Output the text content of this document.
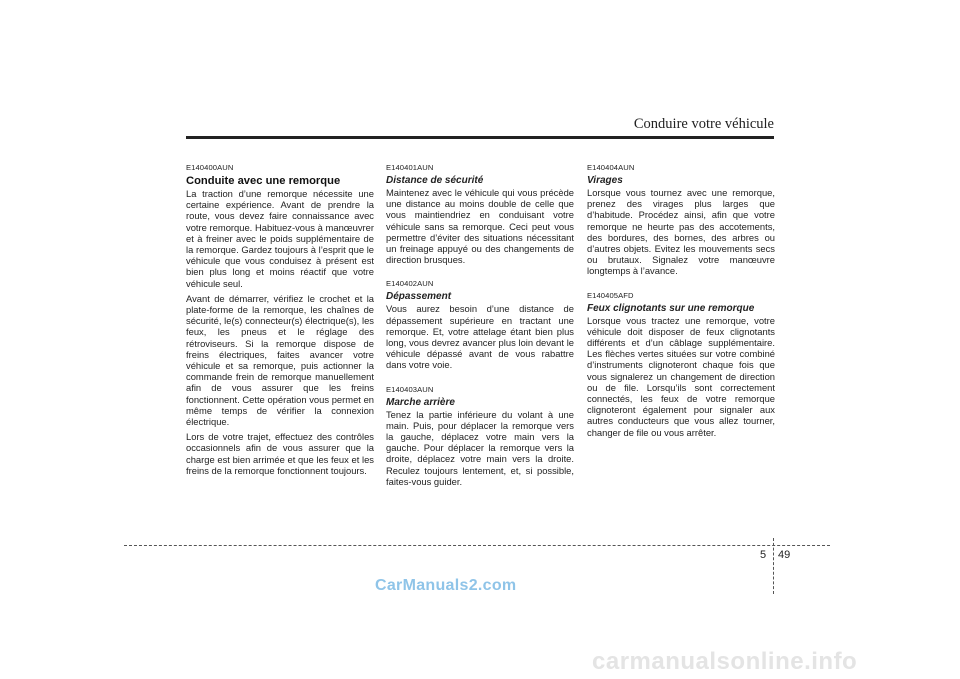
Conduire votre véhicule
E140400AUN
Conduite avec une remorque

La traction d’une remorque nécessite une certaine expérience. Avant de prendre la route, vous devez faire connaissance avec votre remorque. Habituez-vous à manœuvrer et à freiner avec le poids supplémentaire de la remorque. Gardez toujours à l’esprit que le véhicule que vous conduisez à présent est bien plus long et moins réactif que votre véhicule seul.

Avant de démarrer, vérifiez le crochet et la plate-forme de la remorque, les chaînes de sécurité, le(s) connecteur(s) électrique(s), les feux, les pneus et le réglage des rétroviseurs. Si la remorque dispose de freins électriques, faites avancer votre véhicule et sa remorque, puis actionner la commande frein de remorque manuellement afin de vous assurer que les freins fonctionnent. Cette opération vous permet en même temps de vérifier la connexion électrique.

Lors de votre trajet, effectuez des contrôles occasionnels afin de vous assurer que la charge est bien arrimée et que les feux et les freins de la remorque fonctionnent toujours.

E140401AUN
Distance de sécurité

Maintenez avec le véhicule qui vous précède une distance au moins double de celle que vous maintiendriez en conduisant votre véhicule sans sa remorque. Ceci peut vous permettre d’éviter des situations nécessitant un freinage appuyé ou des changements de direction brusques.

E140402AUN
Dépassement

Vous aurez besoin d’une distance de dépassement supérieure en tractant une remorque. Et, votre attelage étant bien plus long, vous devrez avancer plus loin devant le véhicule dépassé avant de vous rabattre dans votre voie.

E140403AUN
Marche arrière

Tenez la partie inférieure du volant à une main. Puis, pour déplacer la remorque vers la gauche, déplacez votre main vers la gauche. Pour déplacer la remorque vers la droite, déplacez votre main vers la droite. Reculez toujours lentement, et, si possible, faites-vous guider.

E140404AUN
Virages

Lorsque vous tournez avec une remorque, prenez des virages plus larges que d’habitude. Procédez ainsi, afin que votre remorque ne heurte pas des accotements, des bordures, des bornes, des arbres ou d’autres objets. Evitez les mouvements secs ou brutaux. Signalez votre manœuvre longtemps à l’avance.

E140405AFD
Feux clignotants sur une remorque

Lorsque vous tractez une remorque, votre véhicule doit disposer de feux clignotants différents et d’un câblage supplémentaire. Les flèches vertes situées sur votre combiné d’instruments clignoteront chaque fois que vous signalerez un changement de direction ou de file. Lorsqu’ils sont correctement connectés, les feux de votre remorque clignoteront également pour signaler aux autres conducteurs que vous allez tourner, changer de file ou vous arrêter.

5 49
CarManuals2.com
carmanualsonline.info
